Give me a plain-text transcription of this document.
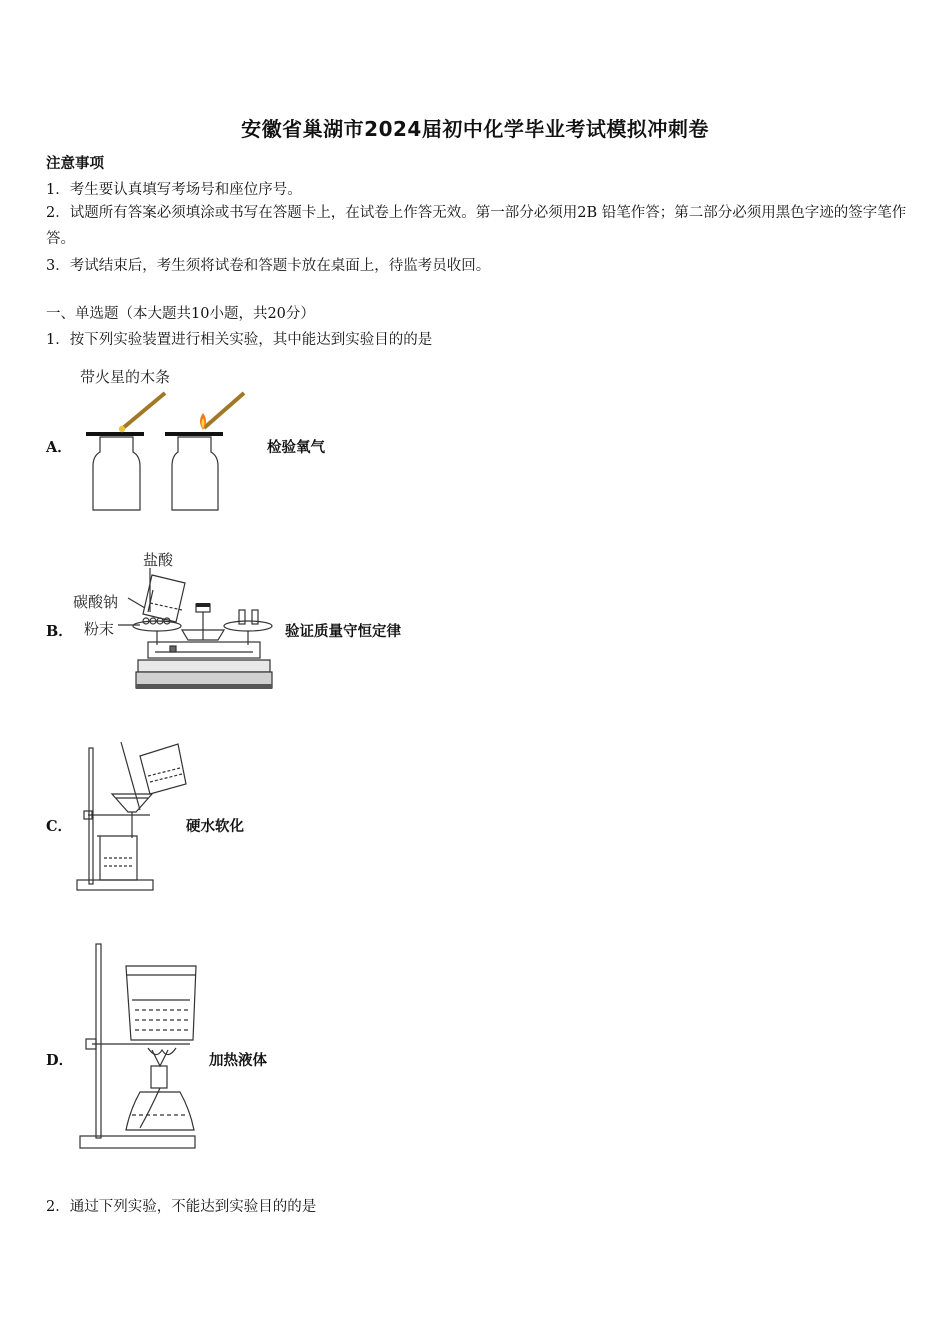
安徽省巢湖市2024届初中化学毕业考试模拟冲刺卷
注意事项
1．考生要认真填写考场号和座位序号。
2．试题所有答案必须填涂或书写在答题卡上，在试卷上作答无效。第一部分必须用2B 铅笔作答；第二部分必须用黑色字迹的签字笔作答。
3．考试结束后，考生须将试卷和答题卡放在桌面上，待监考员收回。
一、单选题（本大题共10小题，共20分）
1．按下列实验装置进行相关实验，其中能达到实验目的的是
A．	检验氧气
带火星的木条
B．	验证质量守恒定律
盐酸
碳酸钠
粉末
C．	硬水软化
D．	加热液体
2．通过下列实验，不能达到实验目的的是
